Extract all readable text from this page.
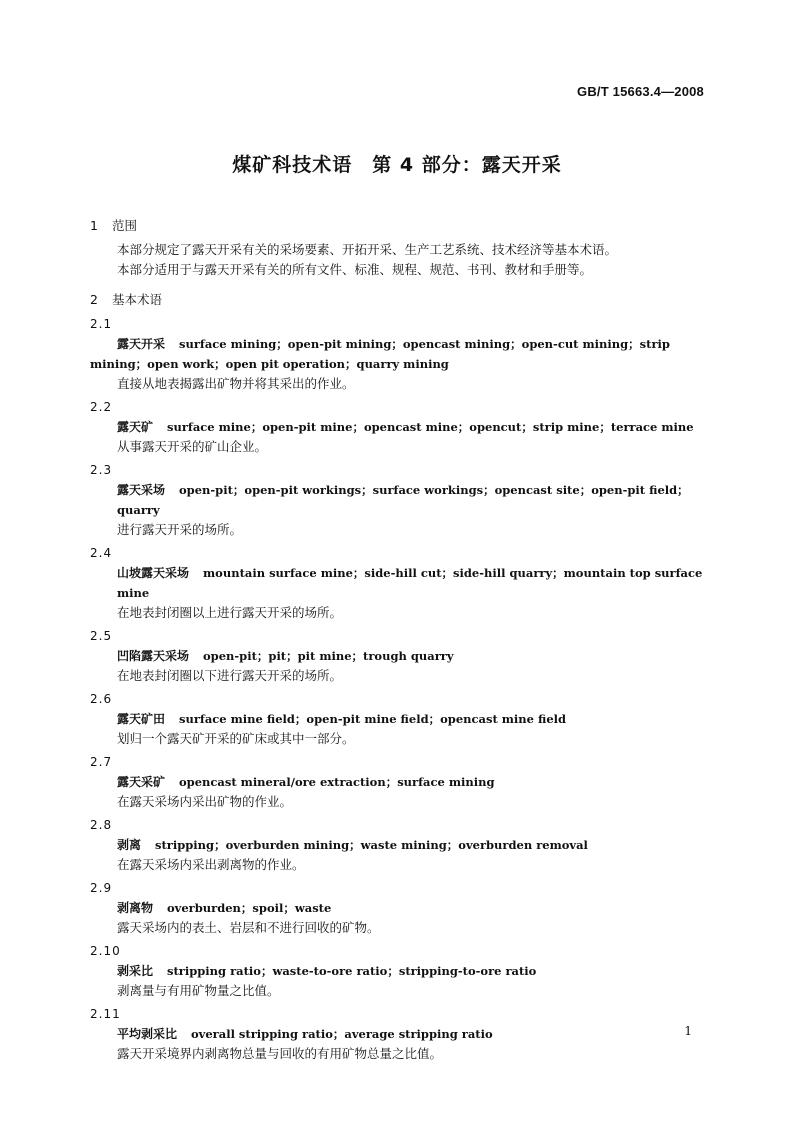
GB/T 15663.4—2008
煤矿科技术语　第 4 部分：露天开采
1 范围
本部分规定了露天开采有关的采场要素、开拓开采、生产工艺系统、技术经济等基本术语。
本部分适用于与露天开采有关的所有文件、标准、规程、规范、书刊、教材和手册等。
2 基本术语
2.1
露天开采 surface mining；open-pit mining；opencast mining；open-cut mining；strip mining；open work；open pit operation；quarry mining
直接从地表揭露出矿物并将其采出的作业。
2.2
露天矿 surface mine；open-pit mine；opencast mine；opencut；strip mine；terrace mine
从事露天开采的矿山企业。
2.3
露天采场 open-pit；open-pit workings；surface workings；opencast site；open-pit field；quarry
进行露天开采的场所。
2.4
山坡露天采场 mountain surface mine；side-hill cut；side-hill quarry；mountain top surface mine
在地表封闭圈以上进行露天开采的场所。
2.5
凹陷露天采场 open-pit；pit；pit mine；trough quarry
在地表封闭圈以下进行露天开采的场所。
2.6
露天矿田 surface mine field；open-pit mine field；opencast mine field
划归一个露天矿开采的矿床或其中一部分。
2.7
露天采矿 opencast mineral/ore extraction；surface mining
在露天采场内采出矿物的作业。
2.8
剥离 stripping；overburden mining；waste mining；overburden removal
在露天采场内采出剥离物的作业。
2.9
剥离物 overburden；spoil；waste
露天采场内的表土、岩层和不进行回收的矿物。
2.10
剥采比 stripping ratio；waste-to-ore ratio；stripping-to-ore ratio
剥离量与有用矿物量之比值。
2.11
平均剥采比 overall stripping ratio；average stripping ratio
露天开采境界内剥离物总量与回收的有用矿物总量之比值。
1
